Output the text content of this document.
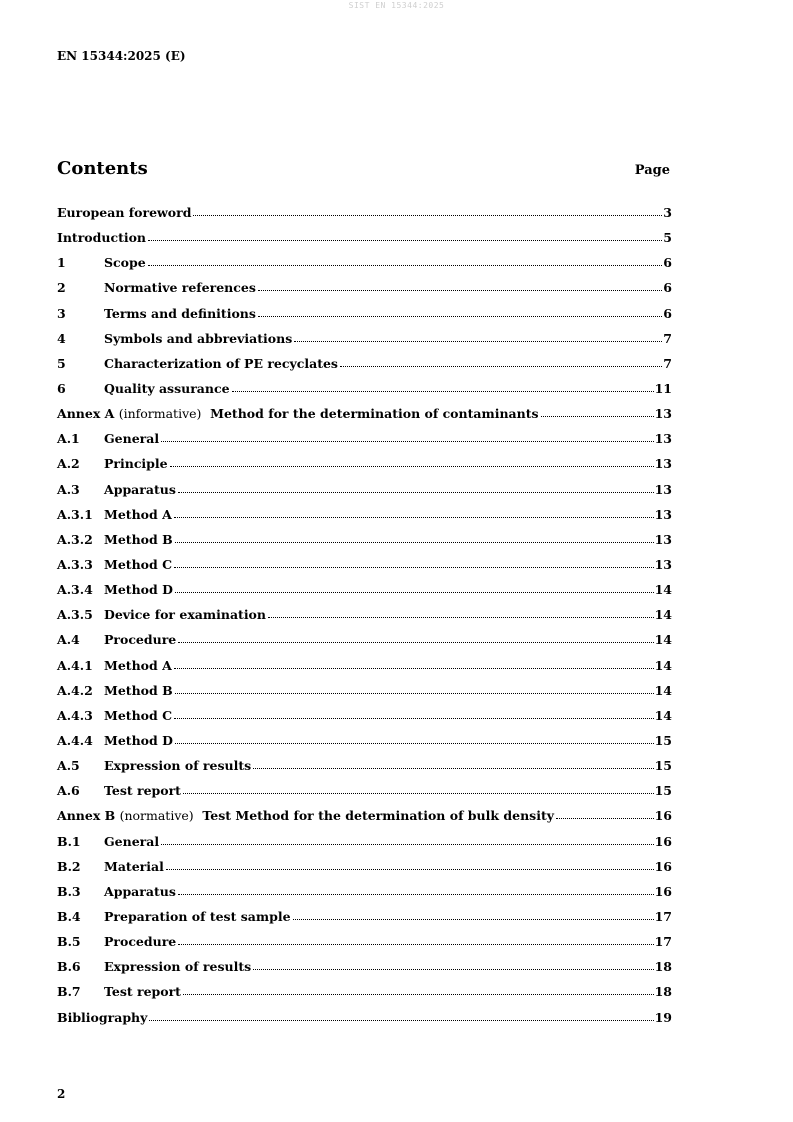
SIST EN 15344:2025
EN 15344:2025 (E)
Contents	Page
European foreword	3
Introduction	5
1	Scope	6
2	Normative references	6
3	Terms and definitions	6
4	Symbols and abbreviations	7
5	Characterization of PE recyclates	7
6	Quality assurance	11
Annex A (informative) Method for the determination of contaminants	13
A.1	General	13
A.2	Principle	13
A.3	Apparatus	13
A.3.1 Method A	13
A.3.2 Method B	13
A.3.3 Method C	13
A.3.4 Method D	14
A.3.5 Device for examination	14
A.4	Procedure	14
A.4.1 Method A	14
A.4.2 Method B	14
A.4.3 Method C	14
A.4.4 Method D	15
A.5	Expression of results	15
A.6	Test report	15
Annex B (normative) Test Method for the determination of bulk density	16
B.1	General	16
B.2	Material	16
B.3	Apparatus	16
B.4	Preparation of test sample	17
B.5	Procedure	17
B.6	Expression of results	18
B.7	Test report	18
Bibliography	19
2
